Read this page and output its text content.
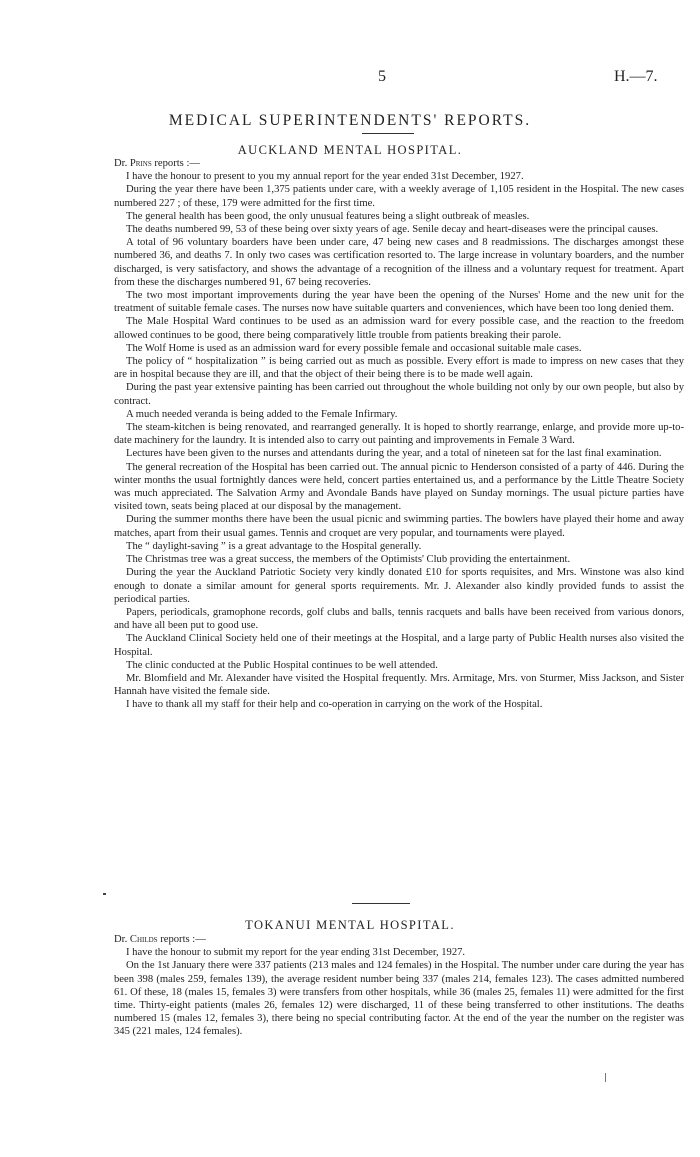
5	H.—7.
MEDICAL SUPERINTENDENTS' REPORTS.
AUCKLAND MENTAL HOSPITAL.

Dr. Prins reports :—

I have the honour to present to you my annual report for the year ended 31st December, 1927.

During the year there have been 1,375 patients under care, with a weekly average of 1,105 resident in the Hospital. The new cases numbered 227 ; of these, 179 were admitted for the first time.

The general health has been good, the only unusual features being a slight outbreak of measles.

The deaths numbered 99, 53 of these being over sixty years of age. Senile decay and heart-diseases were the principal causes.

A total of 96 voluntary boarders have been under care, 47 being new cases and 8 readmissions. The discharges amongst these numbered 36, and deaths 7. In only two cases was certification resorted to. The large increase in voluntary boarders, and the number discharged, is very satisfactory, and shows the advantage of a recognition of the illness and a voluntary request for treatment. Apart from these the discharges numbered 91, 67 being recoveries.

The two most important improvements during the year have been the opening of the Nurses' Home and the new unit for the treatment of suitable female cases. The nurses now have suitable quarters and conveniences, which have been too long denied them.

The Male Hospital Ward continues to be used as an admission ward for every possible case, and the reaction to the freedom allowed continues to be good, there being comparatively little trouble from patients breaking their parole.

The Wolf Home is used as an admission ward for every possible female and occasional suitable male cases.

The policy of “ hospitalization ” is being carried out as much as possible. Every effort is made to impress on new cases that they are in hospital because they are ill, and that the object of their being there is to be made well again.

During the past year extensive painting has been carried out throughout the whole building not only by our own people, but also by contract.

A much needed veranda is being added to the Female Infirmary.

The steam-kitchen is being renovated, and rearranged generally. It is hoped to shortly rearrange, enlarge, and provide more up-to-date machinery for the laundry. It is intended also to carry out painting and improvements in Female 3 Ward.

Lectures have been given to the nurses and attendants during the year, and a total of nineteen sat for the last final examination.

The general recreation of the Hospital has been carried out. The annual picnic to Henderson consisted of a party of 446. During the winter months the usual fortnightly dances were held, concert parties entertained us, and a performance by the Little Theatre Society was much appreciated. The Salvation Army and Avondale Bands have played on Sunday mornings. The usual picture parties have visited town, seats being placed at our disposal by the management.

During the summer months there have been the usual picnic and swimming parties. The bowlers have played their home and away matches, apart from their usual games. Tennis and croquet are very popular, and tournaments were played.

The “ daylight-saving ” is a great advantage to the Hospital generally.

The Christmas tree was a great success, the members of the Optimists' Club providing the entertainment.

During the year the Auckland Patriotic Society very kindly donated £10 for sports requisites, and Mrs. Winstone was also kind enough to donate a similar amount for general sports requirements. Mr. J. Alexander also kindly provided funds to assist the periodical parties.

Papers, periodicals, gramophone records, golf clubs and balls, tennis racquets and balls have been received from various donors, and have all been put to good use.

The Auckland Clinical Society held one of their meetings at the Hospital, and a large party of Public Health nurses also visited the Hospital.

The clinic conducted at the Public Hospital continues to be well attended.

Mr. Blomfield and Mr. Alexander have visited the Hospital frequently. Mrs. Armitage, Mrs. von Sturmer, Miss Jackson, and Sister Hannah have visited the female side.

I have to thank all my staff for their help and co-operation in carrying on the work of the Hospital.

TOKANUI MENTAL HOSPITAL.

Dr. Childs reports :—

I have the honour to submit my report for the year ending 31st December, 1927.

On the 1st January there were 337 patients (213 males and 124 females) in the Hospital. The number under care during the year has been 398 (males 259, females 139), the average resident number being 337 (males 214, females 123). The cases admitted numbered 61. Of these, 18 (males 15, females 3) were transfers from other hospitals, while 36 (males 25, females 11) were admitted for the first time. Thirty-eight patients (males 26, females 12) were discharged, 11 of these being transferred to other institutions. The deaths numbered 15 (males 12, females 3), there being no special contributing factor. At the end of the year the number on the register was 345 (221 males, 124 females).
